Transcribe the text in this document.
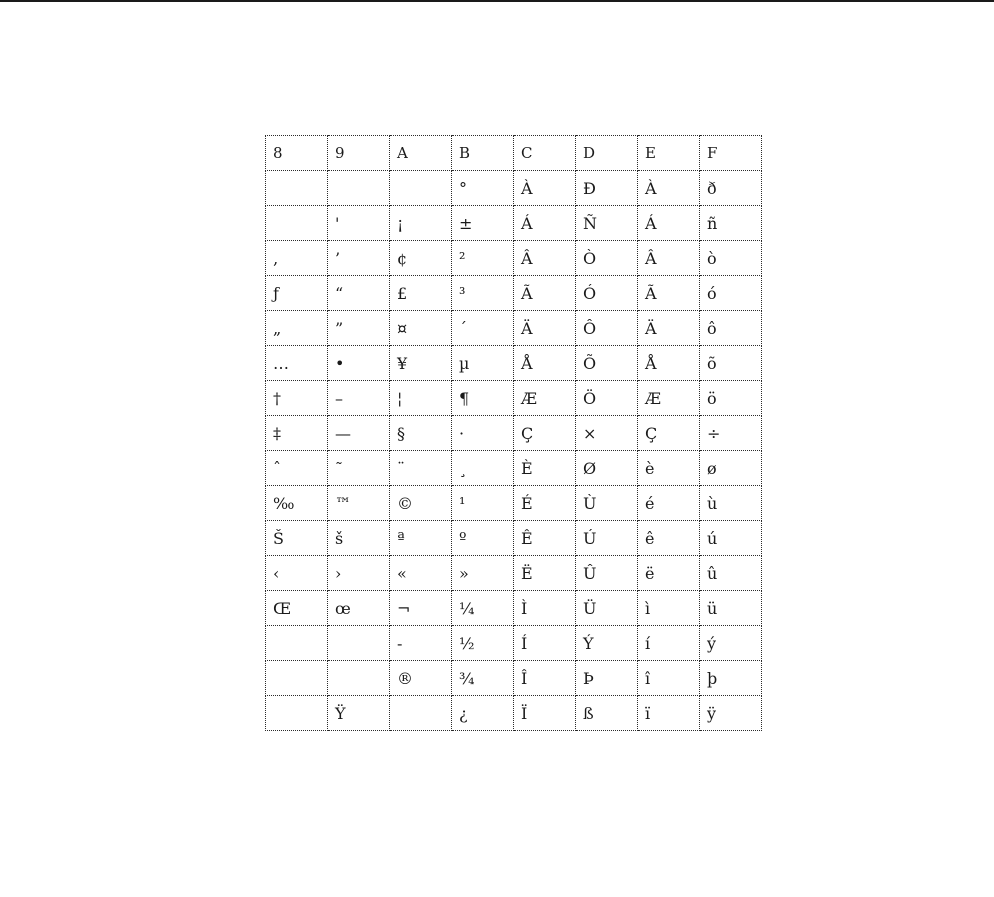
8	9	A	B	C	D	E	F
			°	À	Ð	À	ð
	'	¡	±	Á	Ñ	Á	ñ
‚	’	¢	²	Â	Ò	Â	ò
ƒ	“	£	³	Ã	Ó	Ã	ó
„	”	¤	´	Ä	Ô	Ä	ô
…	•	¥	µ	Å	Õ	Å	õ
†	–	¦	¶	Æ	Ö	Æ	ö
‡	—	§	·	Ç	×	Ç	÷
ˆ	˜	¨	¸	È	Ø	è	ø
‰	™	©	¹	É	Ù	é	ù
Š	š	ª	º	Ê	Ú	ê	ú
‹	›	«	»	Ë	Û	ë	û
Œ	œ	¬	¼	Ì	Ü	ì	ü
		-	½	Í	Ý	í	ý
		®	¾	Î	Þ	î	þ
	Ÿ		¿	Ï	ß	ï	ÿ
